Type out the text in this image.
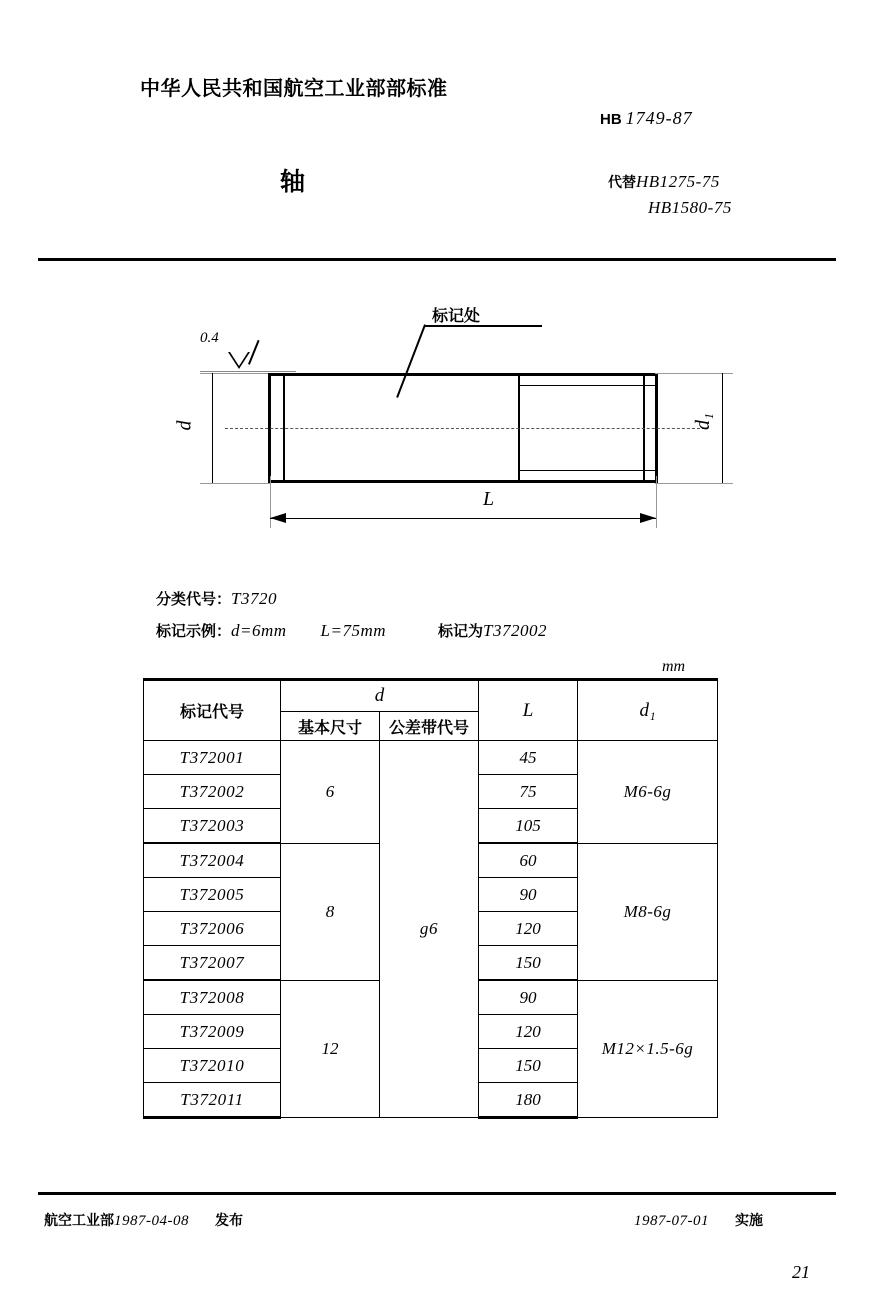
中华人民共和国航空工业部部标准
HB 1749-87
轴	代替HB1275-75
HB1580-75
d
0.4
标记处
d₁
L
分类代号：T3720
标记示例：d=6mm L=75mm	标记为T372002
mm
标记代号	d		L	d₁
	基本尺寸	公差带代号		
T372001	6	g6	45	M6-6g
T372002			75	
T372003			105	
T372004	8		60	M8-6g
T372005			90	
T372006			120	
T372007			150	
T372008	12		90	M12×1.5-6g
T372009			120	
T372010			150	
T372011			180	
航空工业部1987-04-08 发布	1987-07-01 实施
21
